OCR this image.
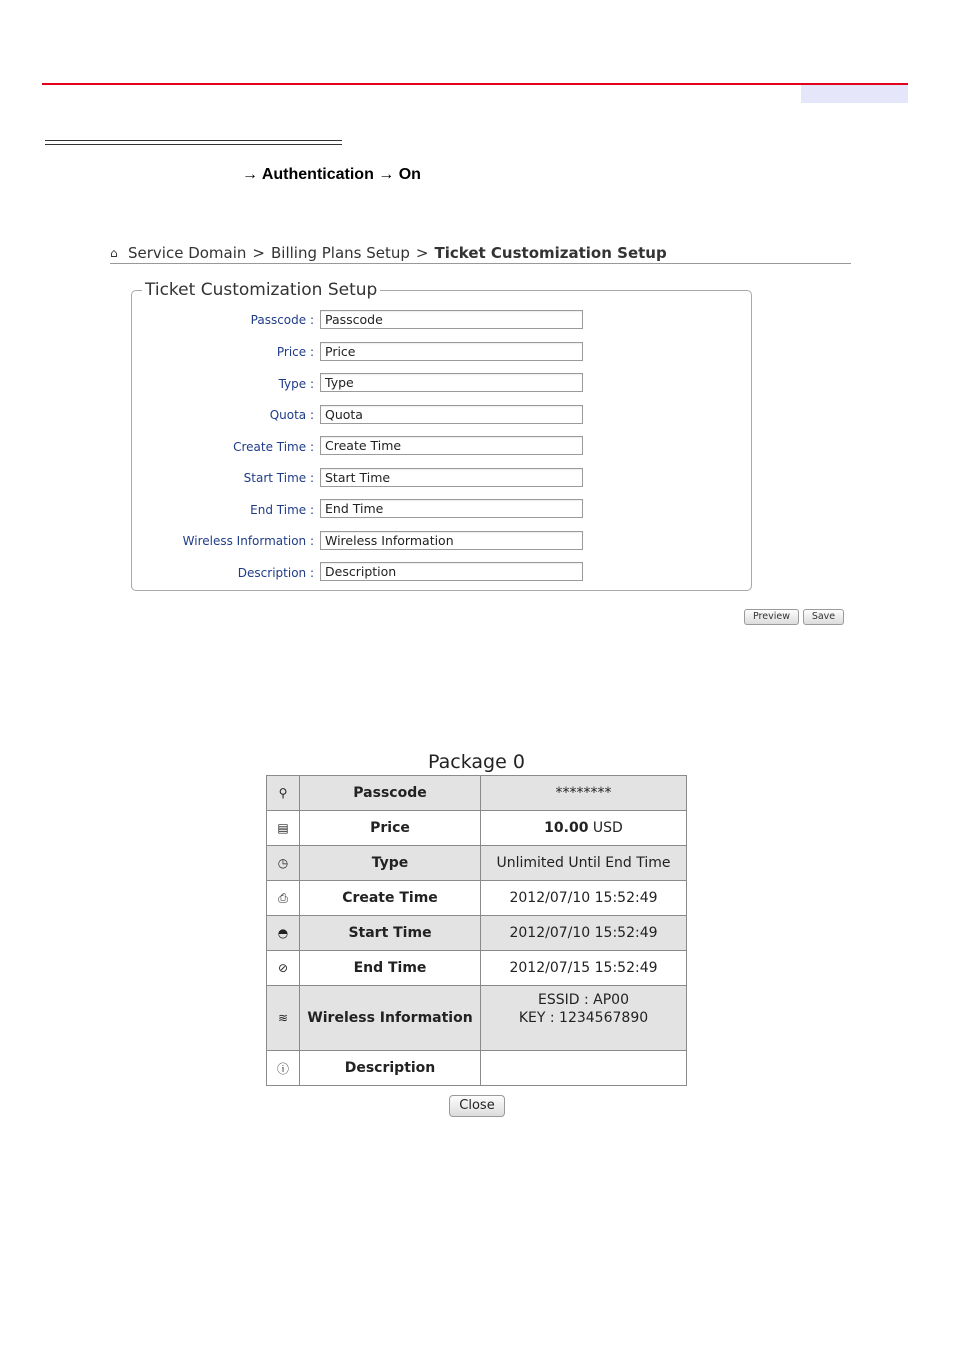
→ Authentication → On
⌂ Service Domain > Billing Plans Setup > Ticket Customization Setup
Ticket Customization Setup
Passcode : Passcode
Price : Price
Type : Type
Quota : Quota
Create Time : Create Time
Start Time : Start Time
End Time : End Time
Wireless Information : Wireless Information
Description : Description
Preview	Save
Package 0
⚲	Passcode	********
▤	Price	10.00 USD
◷	Type	Unlimited Until End Time
⎙	Create Time	2012/07/10 15:52:49
◓	Start Time	2012/07/10 15:52:49
⊘	End Time	2012/07/15 15:52:49
≋	Wireless Information	ESSID : AP00
KEY : 1234567890

ⓘ	Description	
Close
